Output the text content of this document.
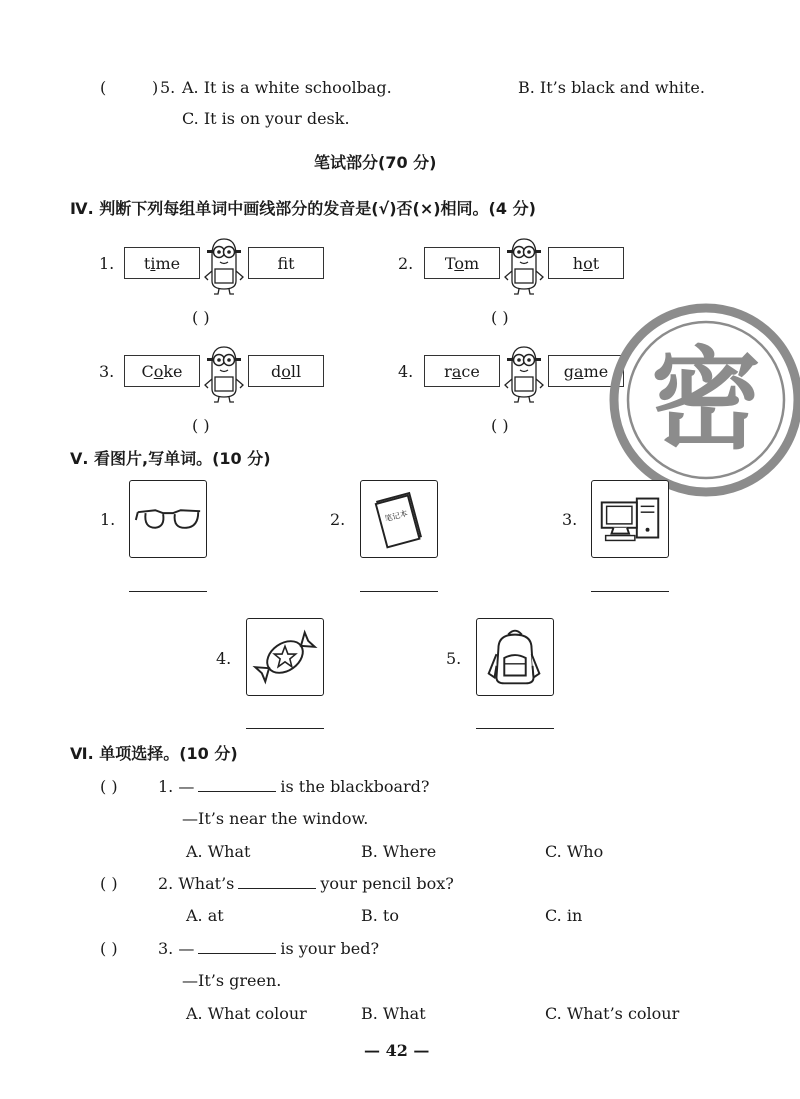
(	) 5. A. It is a white schoolbag.	B. It’s black and white.
C. It is on your desk.
笔试部分(70 分)
Ⅳ. 判断下列每组单词中画线部分的发音是(√)否(×)相同。(4 分)
1.	time	ft
( )
2.	Tom	hot
( )
3.	Coke	doll
( )
4.	race	game
( ) 密
Ⅴ. 看图片,写单词。(10 分)
1.	2.	笔记本	3.
4.	5.
Ⅵ. 单项选择。(10 分)
( )	1. —	is the blackboard?
—It’s near the window.
A. What	B. Where	C. Who
( )	2. What’s	your pencil box?
A. at	B. to	C. in
( )	3. —	is your bed?
—It’s green.
A. What colour	B. What	C. What’s colour
— 42 —
